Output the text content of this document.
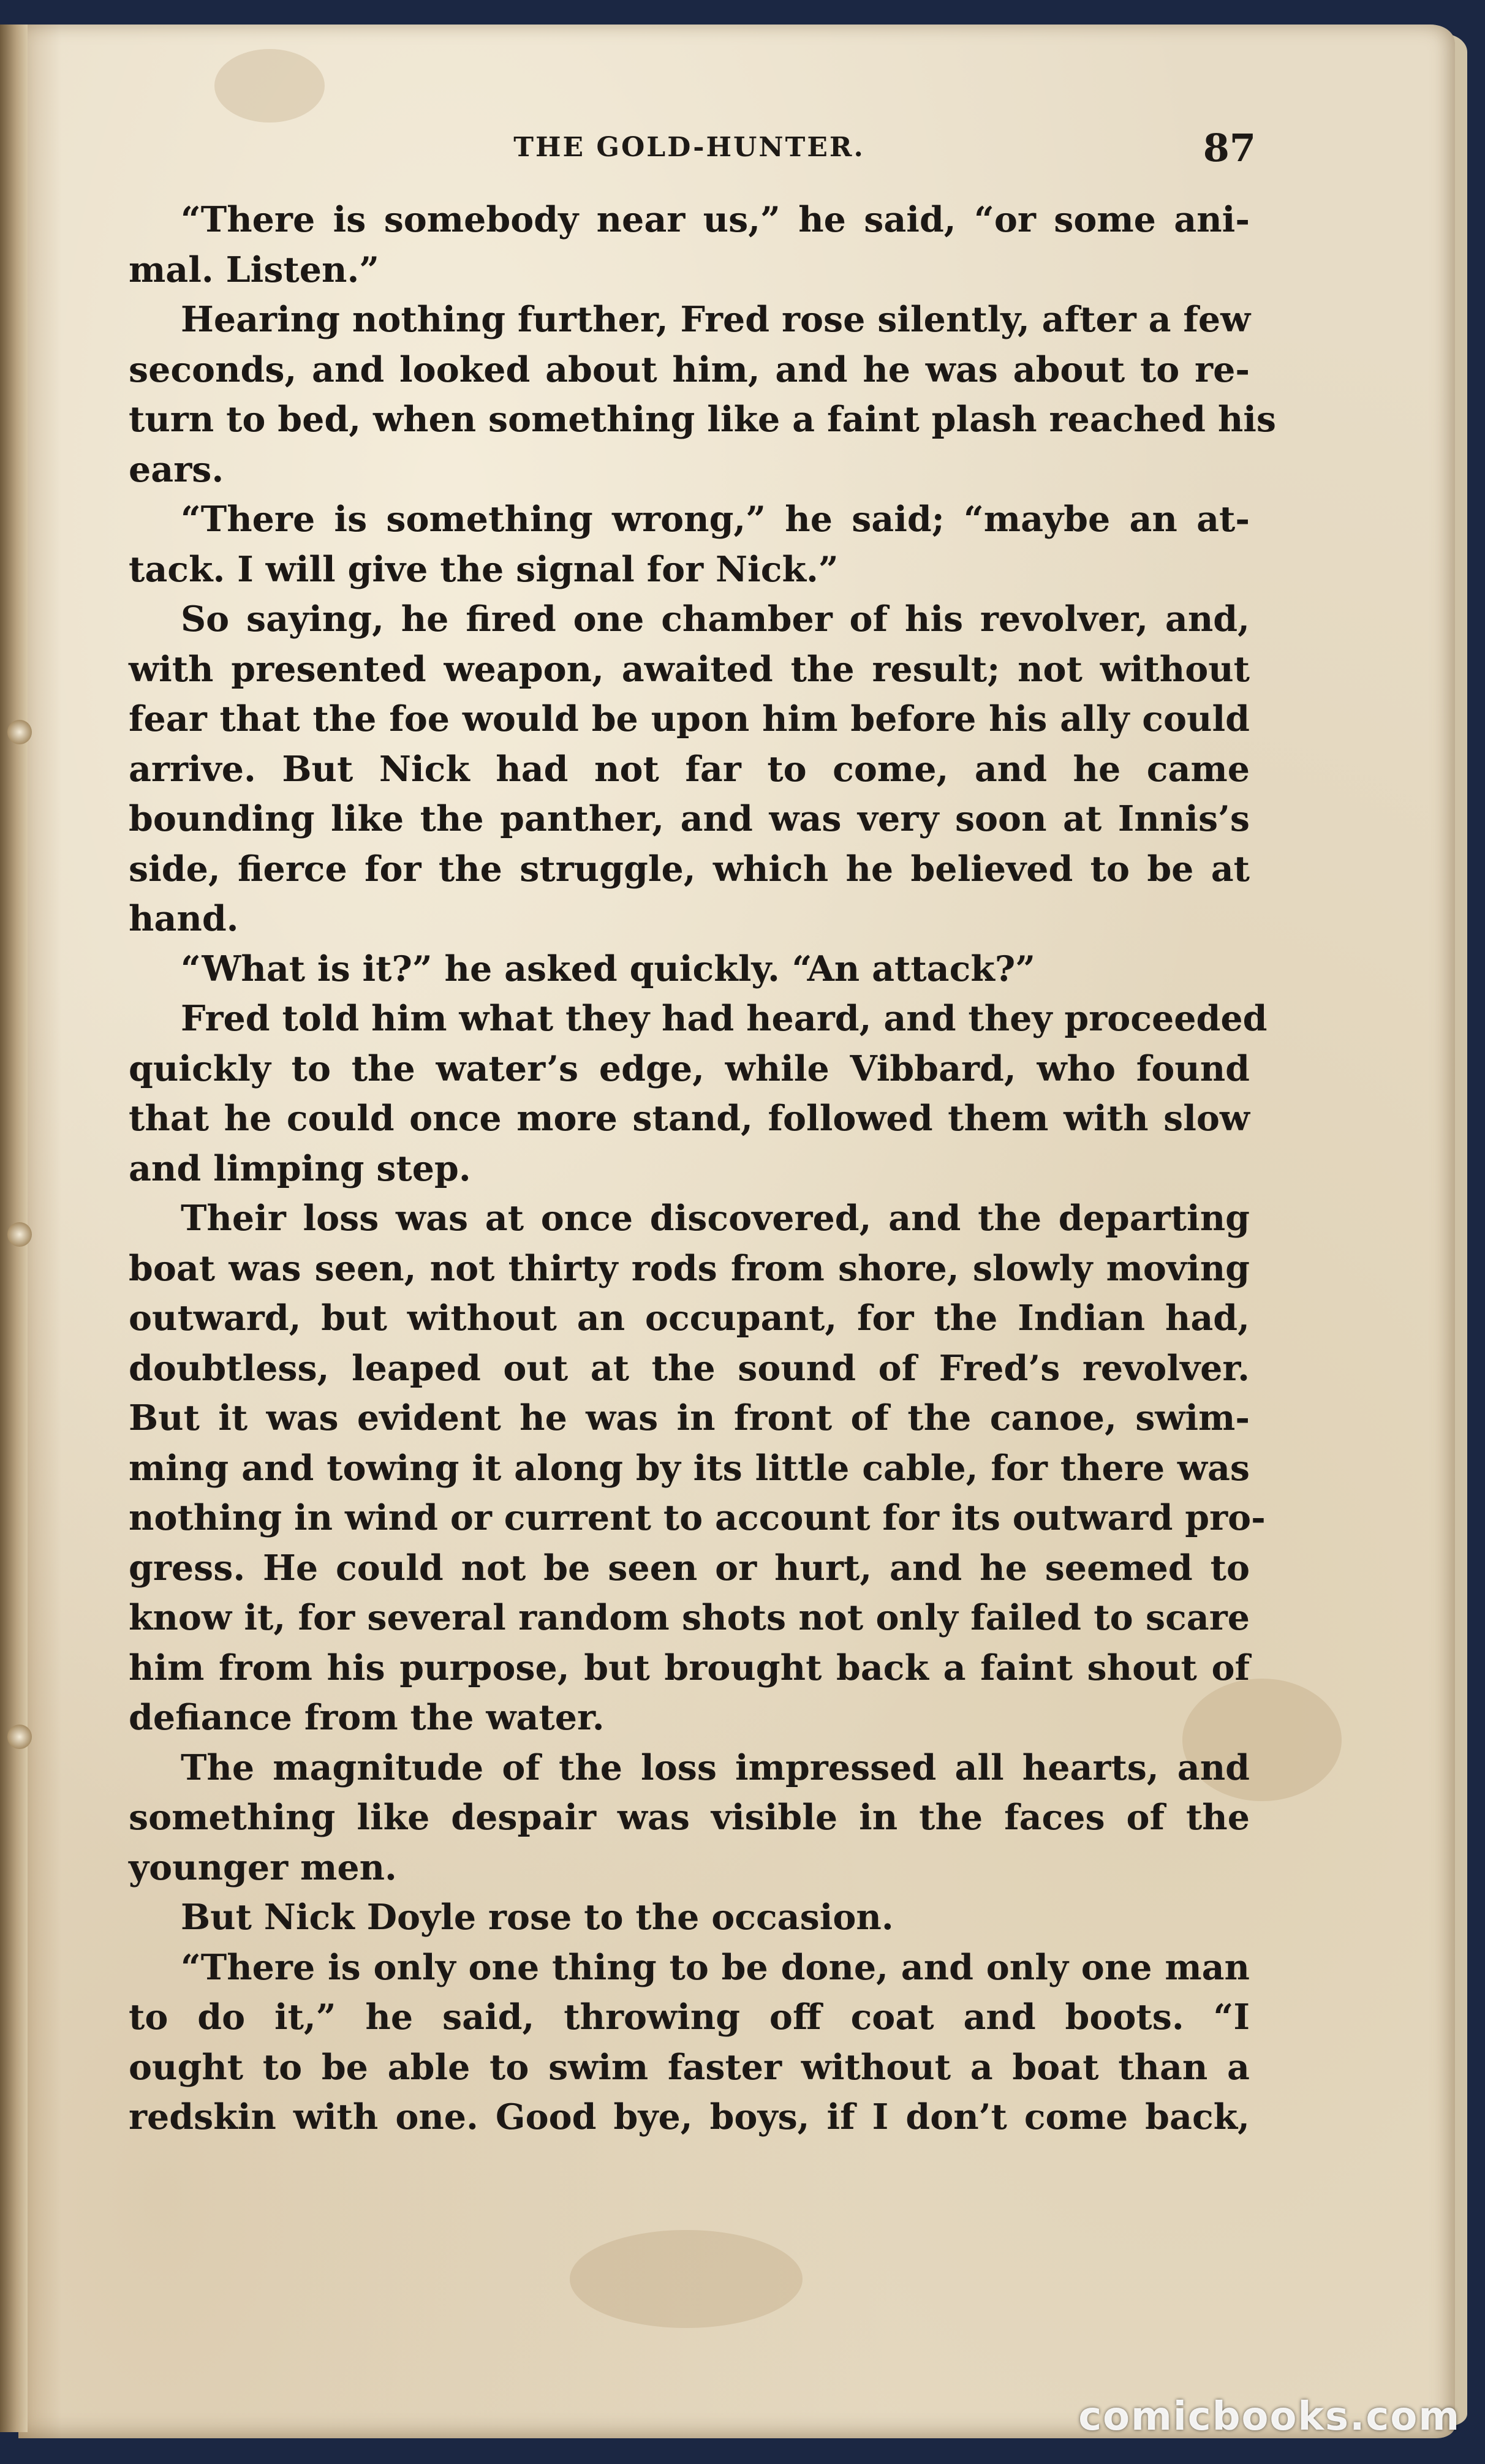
THE GOLD-HUNTER.	87
“There is somebody near us,” he said, “or some ani-
mal. Listen.”
Hearing nothing further, Fred rose silently, after a few
seconds, and looked about him, and he was about to re-
turn to bed, when something like a faint plash reached his
ears.
“There is something wrong,” he said; “maybe an at-
tack. I will give the signal for Nick.”
So saying, he fired one chamber of his revolver, and,
with presented weapon, awaited the result; not without
fear that the foe would be upon him before his ally could
arrive. But Nick had not far to come, and he came
bounding like the panther, and was very soon at Innis’s
side, fierce for the struggle, which he believed to be at
hand.
“What is it?” he asked quickly. “An attack?”
Fred told him what they had heard, and they proceeded
quickly to the water’s edge, while Vibbard, who found
that he could once more stand, followed them with slow
and limping step.
Their loss was at once discovered, and the departing
boat was seen, not thirty rods from shore, slowly moving
outward, but without an occupant, for the Indian had,
doubtless, leaped out at the sound of Fred’s revolver.
But it was evident he was in front of the canoe, swim-
ming and towing it along by its little cable, for there was
nothing in wind or current to account for its outward pro-
gress. He could not be seen or hurt, and he seemed to
know it, for several random shots not only failed to scare
him from his purpose, but brought back a faint shout of
defiance from the water.
The magnitude of the loss impressed all hearts, and
something like despair was visible in the faces of the
younger men.
But Nick Doyle rose to the occasion.
“There is only one thing to be done, and only one man
to do it,” he said, throwing off coat and boots. “I
ought to be able to swim faster without a boat than a
redskin with one. Good bye, boys, if I don’t come back,
comicbooks.com
